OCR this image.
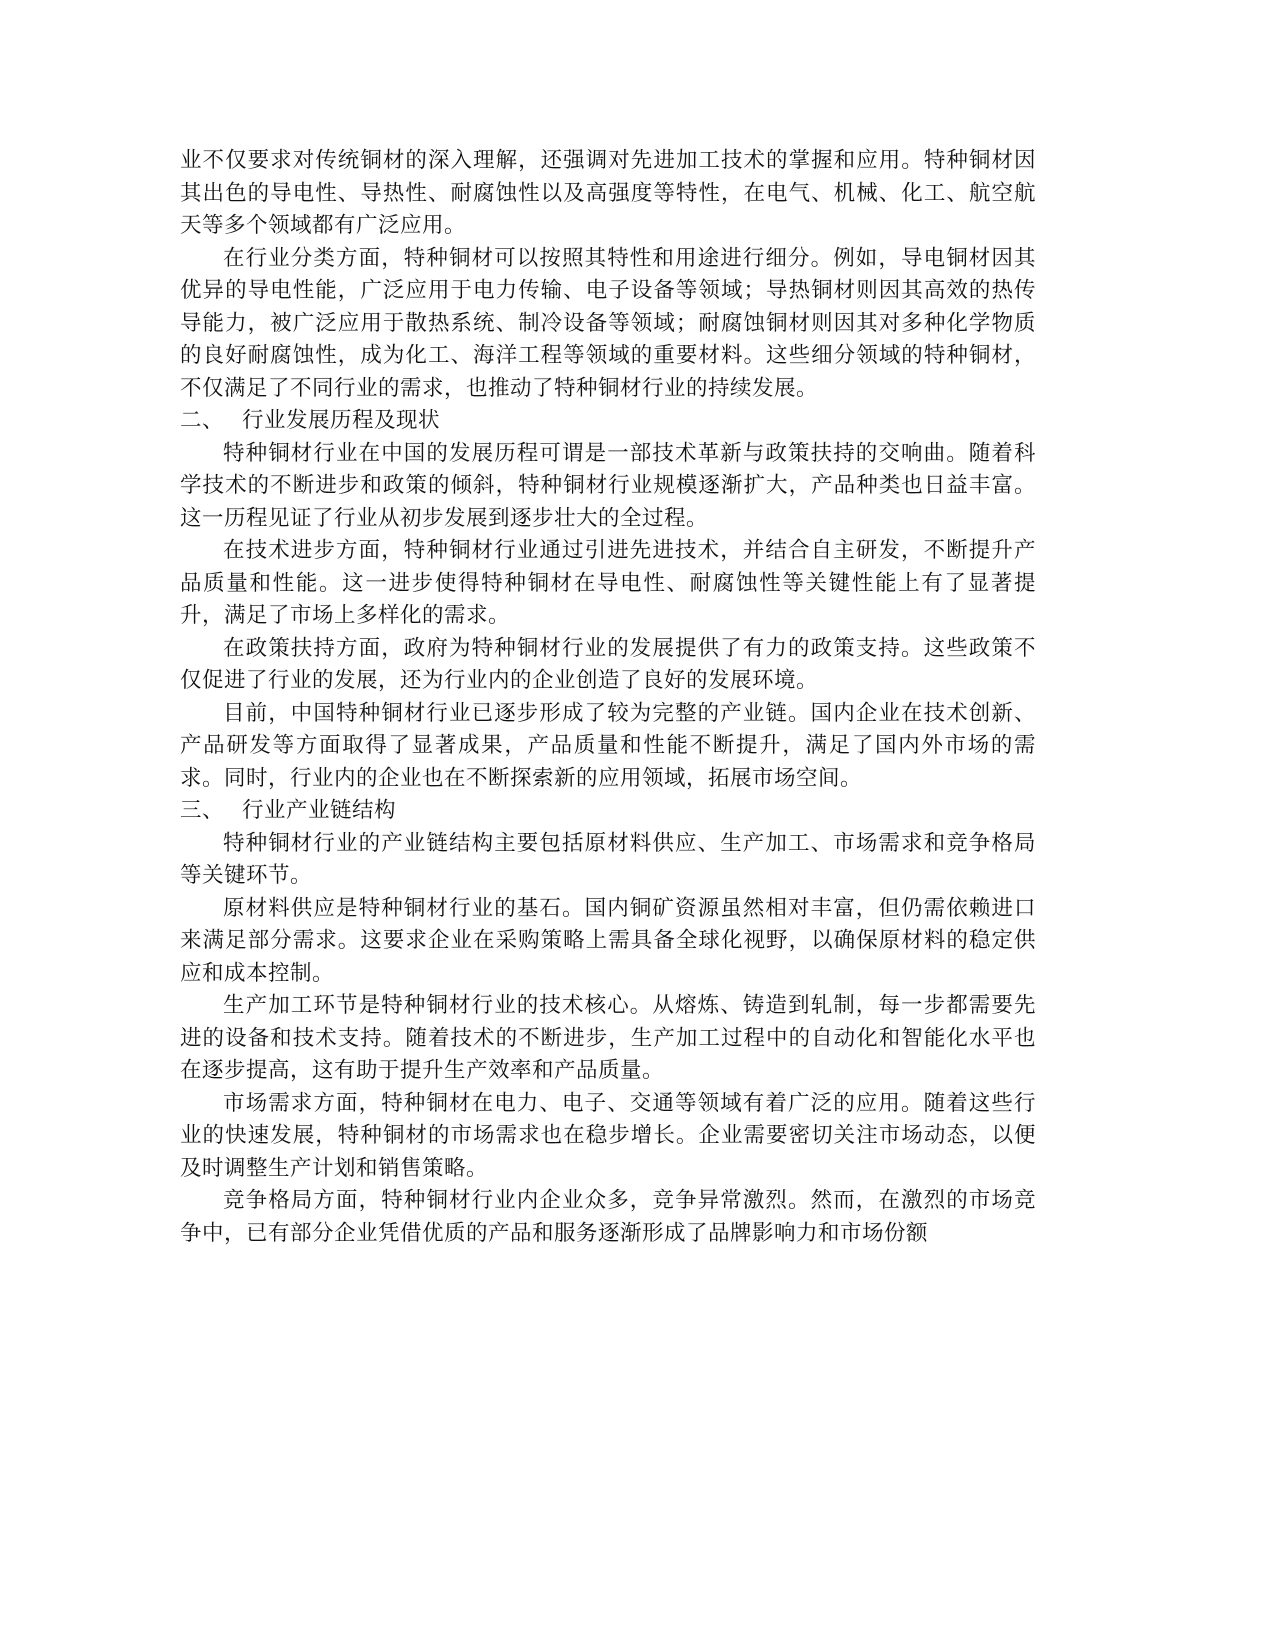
业不仅要求对传统铜材的深入理解，还强调对先进加工技术的掌握和应用。特种铜材因其出色的导电性、导热性、耐腐蚀性以及高强度等特性，在电气、机械、化工、航空航天等多个领域都有广泛应用。

在行业分类方面，特种铜材可以按照其特性和用途进行细分。例如，导电铜材因其优异的导电性能，广泛应用于电力传输、电子设备等领域；导热铜材则因其高效的热传导能力，被广泛应用于散热系统、制冷设备等领域；耐腐蚀铜材则因其对多种化学物质的良好耐腐蚀性，成为化工、海洋工程等领域的重要材料。这些细分领域的特种铜材，不仅满足了不同行业的需求，也推动了特种铜材行业的持续发展。

二、 行业发展历程及现状

特种铜材行业在中国的发展历程可谓是一部技术革新与政策扶持的交响曲。随着科学技术的不断进步和政策的倾斜，特种铜材行业规模逐渐扩大，产品种类也日益丰富。这一历程见证了行业从初步发展到逐步壮大的全过程。

在技术进步方面，特种铜材行业通过引进先进技术，并结合自主研发，不断提升产品质量和性能。这一进步使得特种铜材在导电性、耐腐蚀性等关键性能上有了显著提升，满足了市场上多样化的需求。

在政策扶持方面，政府为特种铜材行业的发展提供了有力的政策支持。这些政策不仅促进了行业的发展，还为行业内的企业创造了良好的发展环境。

目前，中国特种铜材行业已逐步形成了较为完整的产业链。国内企业在技术创新、产品研发等方面取得了显著成果，产品质量和性能不断提升，满足了国内外市场的需求。同时，行业内的企业也在不断探索新的应用领域，拓展市场空间。

三、 行业产业链结构

特种铜材行业的产业链结构主要包括原材料供应、生产加工、市场需求和竞争格局等关键环节。

原材料供应是特种铜材行业的基石。国内铜矿资源虽然相对丰富，但仍需依赖进口来满足部分需求。这要求企业在采购策略上需具备全球化视野，以确保原材料的稳定供应和成本控制。

生产加工环节是特种铜材行业的技术核心。从熔炼、铸造到轧制，每一步都需要先进的设备和技术支持。随着技术的不断进步，生产加工过程中的自动化和智能化水平也在逐步提高，这有助于提升生产效率和产品质量。

市场需求方面，特种铜材在电力、电子、交通等领域有着广泛的应用。随着这些行业的快速发展，特种铜材的市场需求也在稳步增长。企业需要密切关注市场动态，以便及时调整生产计划和销售策略。

竞争格局方面，特种铜材行业内企业众多，竞争异常激烈。然而，在激烈的市场竞争中，已有部分企业凭借优质的产品和服务逐渐形成了品牌影响力和市场份额
